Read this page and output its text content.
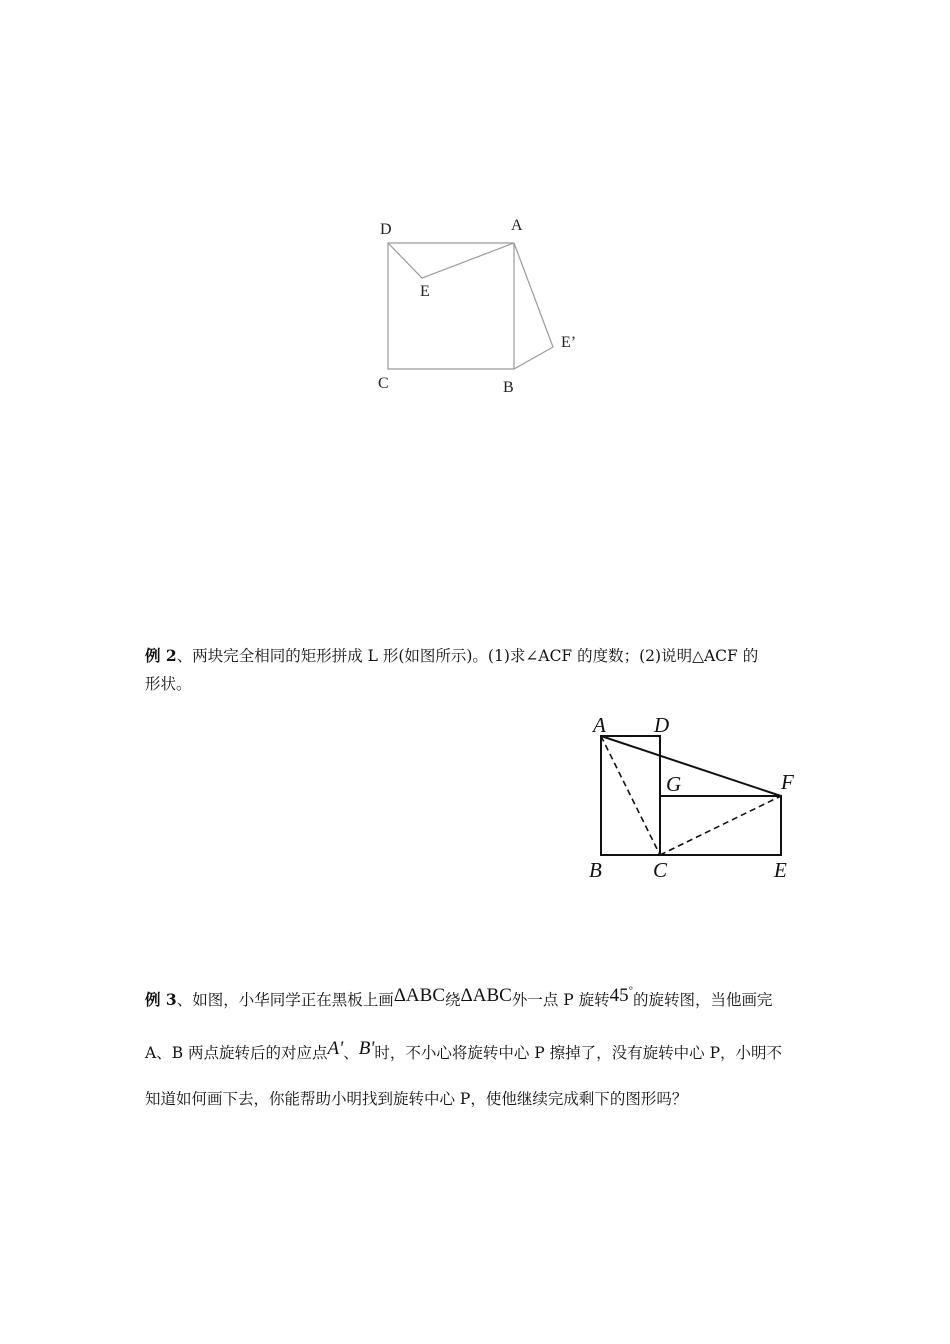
D	A
E
E’
C	B
例 2、两块完全相同的矩形拼成 L 形(如图所示)。(1)求∠ACF 的度数；(2)说明△ACF 的
形状。
A D
G	F
B C	E
例 3、如图，小华同学正在黑板上画ΔABC绕ΔABC外一点 P 旋转45°的旋转图，当他画完
A、B 两点旋转后的对应点A'、B'时，不小心将旋转中心 P 擦掉了，没有旋转中心 P，小明不
知道如何画下去，你能帮助小明找到旋转中心 P，使他继续完成剩下的图形吗？
